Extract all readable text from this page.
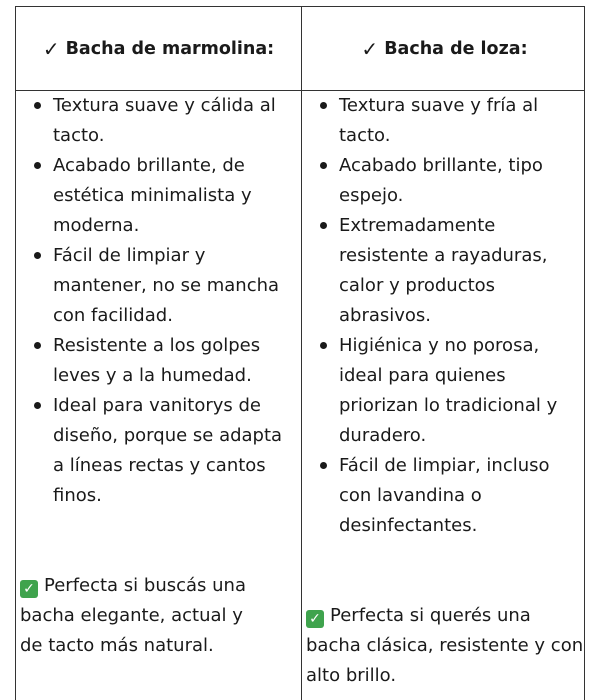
✓ Bacha de marmolina:	✓ Bacha de loza:
Textura suave y cálida al tacto.
Acabado brillante, de estética minimalista y moderna.
Fácil de limpiar y mantener, no se mancha con facilidad.
Resistente a los golpes leves y a la humedad.
Ideal para vanitorys de diseño, porque se adapta a líneas rectas y cantos finos.
✓ Perfecta si buscás una bacha elegante, actual y de tacto más natural.
Textura suave y fría al tacto.
Acabado brillante, tipo espejo.
Extremadamente resistente a rayaduras, calor y productos abrasivos.
Higiénica y no porosa, ideal para quienes priorizan lo tradicional y duradero.
Fácil de limpiar, incluso con lavandina o desinfectantes.
✓ Perfecta si querés una bacha clásica, resistente y con alto brillo.
